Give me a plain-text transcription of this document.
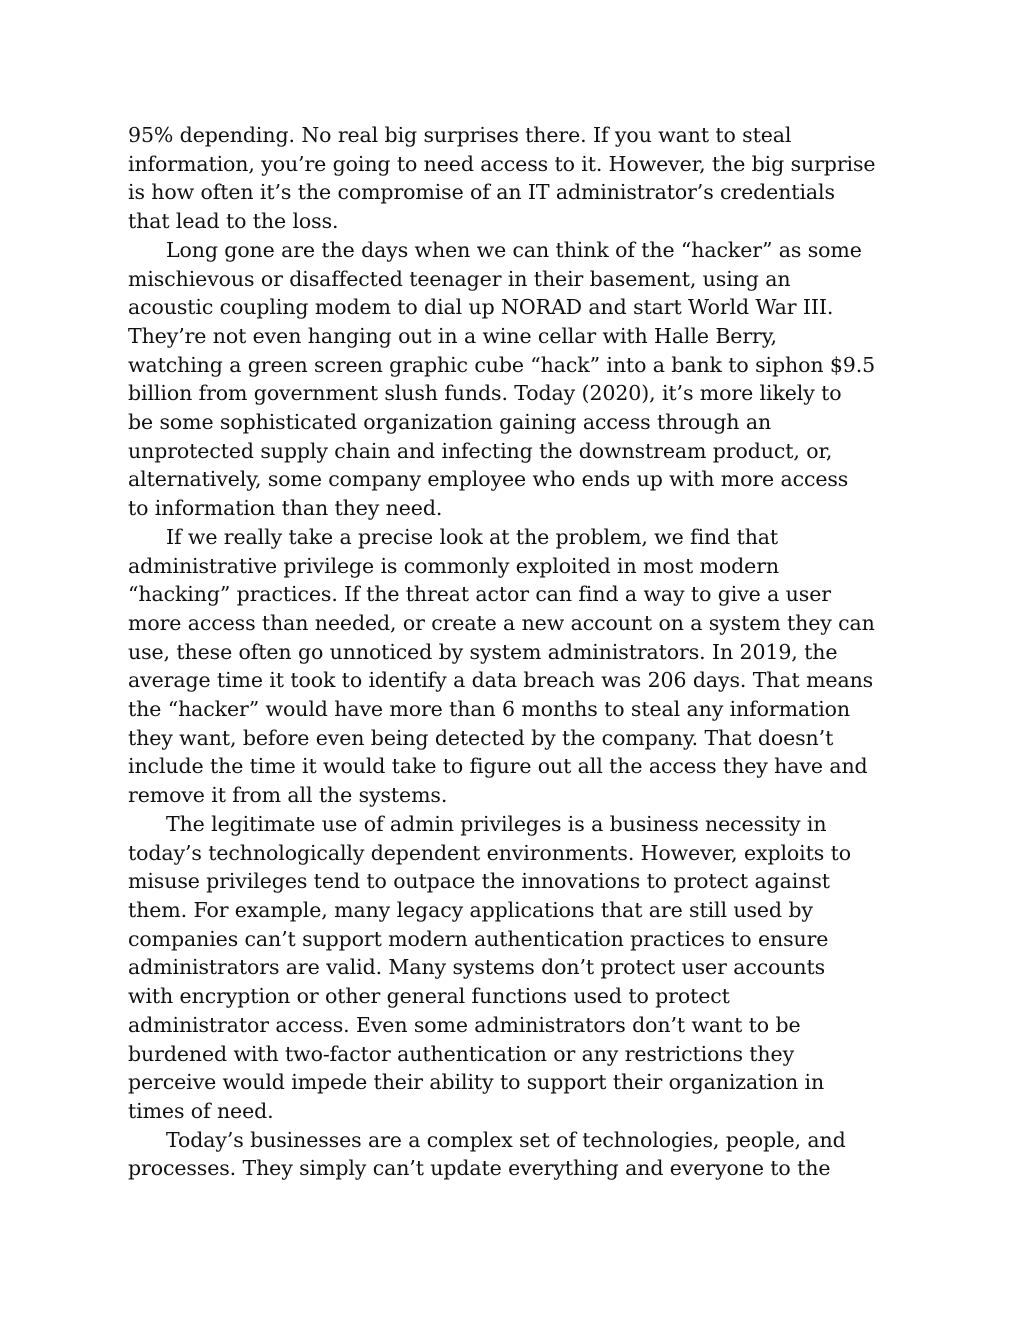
95% depending. No real big surprises there. If you want to steal
information, you’re going to need access to it. However, the big surprise
is how often it’s the compromise of an IT administrator’s credentials
that lead to the loss.
Long gone are the days when we can think of the “hacker” as some
mischievous or disaffected teenager in their basement, using an
acoustic coupling modem to dial up NORAD and start World War III.
They’re not even hanging out in a wine cellar with Halle Berry,
watching a green screen graphic cube “hack” into a bank to siphon $9.5
billion from government slush funds. Today (2020), it’s more likely to
be some sophisticated organization gaining access through an
unprotected supply chain and infecting the downstream product, or,
alternatively, some company employee who ends up with more access
to information than they need.
If we really take a precise look at the problem, we find that
administrative privilege is commonly exploited in most modern
“hacking” practices. If the threat actor can find a way to give a user
more access than needed, or create a new account on a system they can
use, these often go unnoticed by system administrators. In 2019, the
average time it took to identify a data breach was 206 days. That means
the “hacker” would have more than 6 months to steal any information
they want, before even being detected by the company. That doesn’t
include the time it would take to figure out all the access they have and
remove it from all the systems.
The legitimate use of admin privileges is a business necessity in
today’s technologically dependent environments. However, exploits to
misuse privileges tend to outpace the innovations to protect against
them. For example, many legacy applications that are still used by
companies can’t support modern authentication practices to ensure
administrators are valid. Many systems don’t protect user accounts
with encryption or other general functions used to protect
administrator access. Even some administrators don’t want to be
burdened with two-factor authentication or any restrictions they
perceive would impede their ability to support their organization in
times of need.
Today’s businesses are a complex set of technologies, people, and
processes. They simply can’t update everything and everyone to the
